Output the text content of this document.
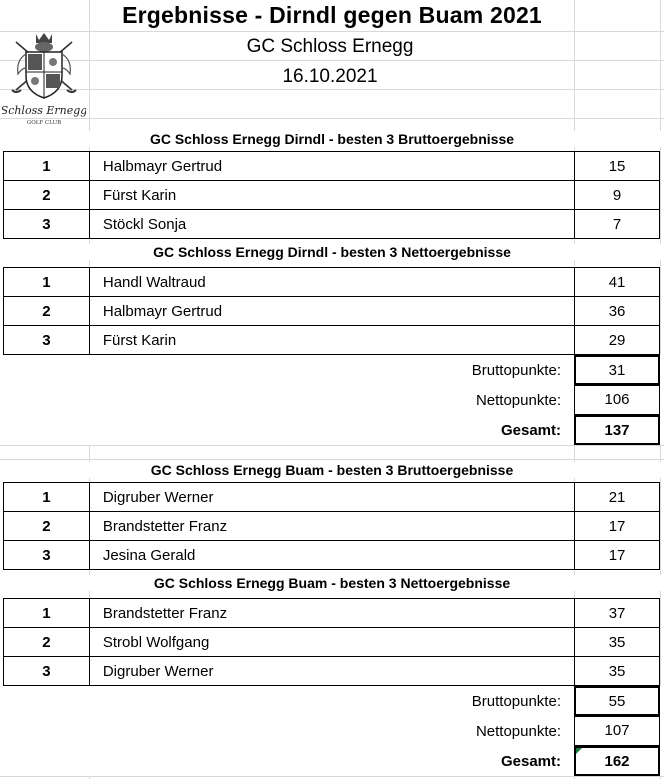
Ergebnisse - Dirndl gegen Buam 2021
GC Schloss Ernegg
16.10.2021
Schloss Ernegg
GOLF CLUB
GC Schloss Ernegg Dirndl - besten 3 Bruttoergebnisse
1	Halbmayr Gertrud	15
2	Fürst Karin	9
3	Stöckl Sonja	7
GC Schloss Ernegg Dirndl - besten 3 Nettoergebnisse
1	Handl Waltraud	41
2	Halbmayr Gertrud	36
3	Fürst Karin	29
Bruttopunkte:	31
Nettopunkte:	106
Gesamt:	137
GC Schloss Ernegg Buam - besten 3 Bruttoergebnisse
1	Digruber Werner	21
2	Brandstetter Franz	17
3	Jesina Gerald	17
GC Schloss Ernegg Buam - besten 3 Nettoergebnisse
1	Brandstetter Franz	37
2	Strobl Wolfgang	35
3	Digruber Werner	35
Bruttopunkte:	55
Nettopunkte:	107
Gesamt:	162
